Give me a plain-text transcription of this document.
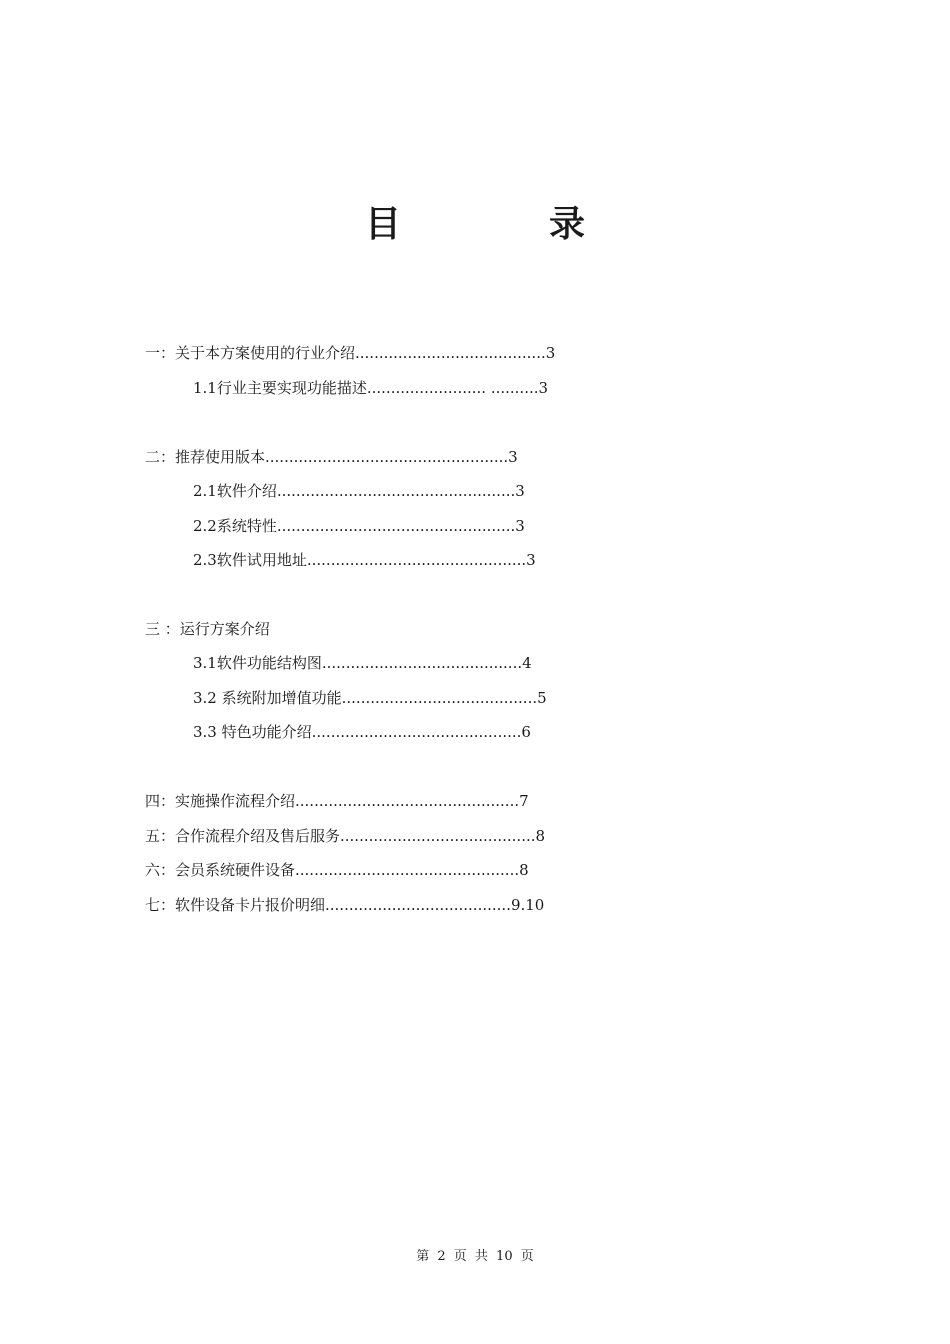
目　录
一：关于本方案使用的行业介绍........................................3
1.1行业主要实现功能描述......................... ..........3
二：推荐使用版本...................................................3
2.1软件介绍..................................................3
2.2系统特性..................................................3
2.3软件试用地址..............................................3
三 ：运行方案介绍
3.1软件功能结构图..........................................4
3.2 系统附加增值功能.........................................5
3.3 特色功能介绍............................................6
四：实施操作流程介绍...............................................7
五：合作流程介绍及售后服务.........................................8
六：会员系统硬件设备...............................................8
七：软件设备卡片报价明细.......................................9.10
第 2 页 共 10 页
